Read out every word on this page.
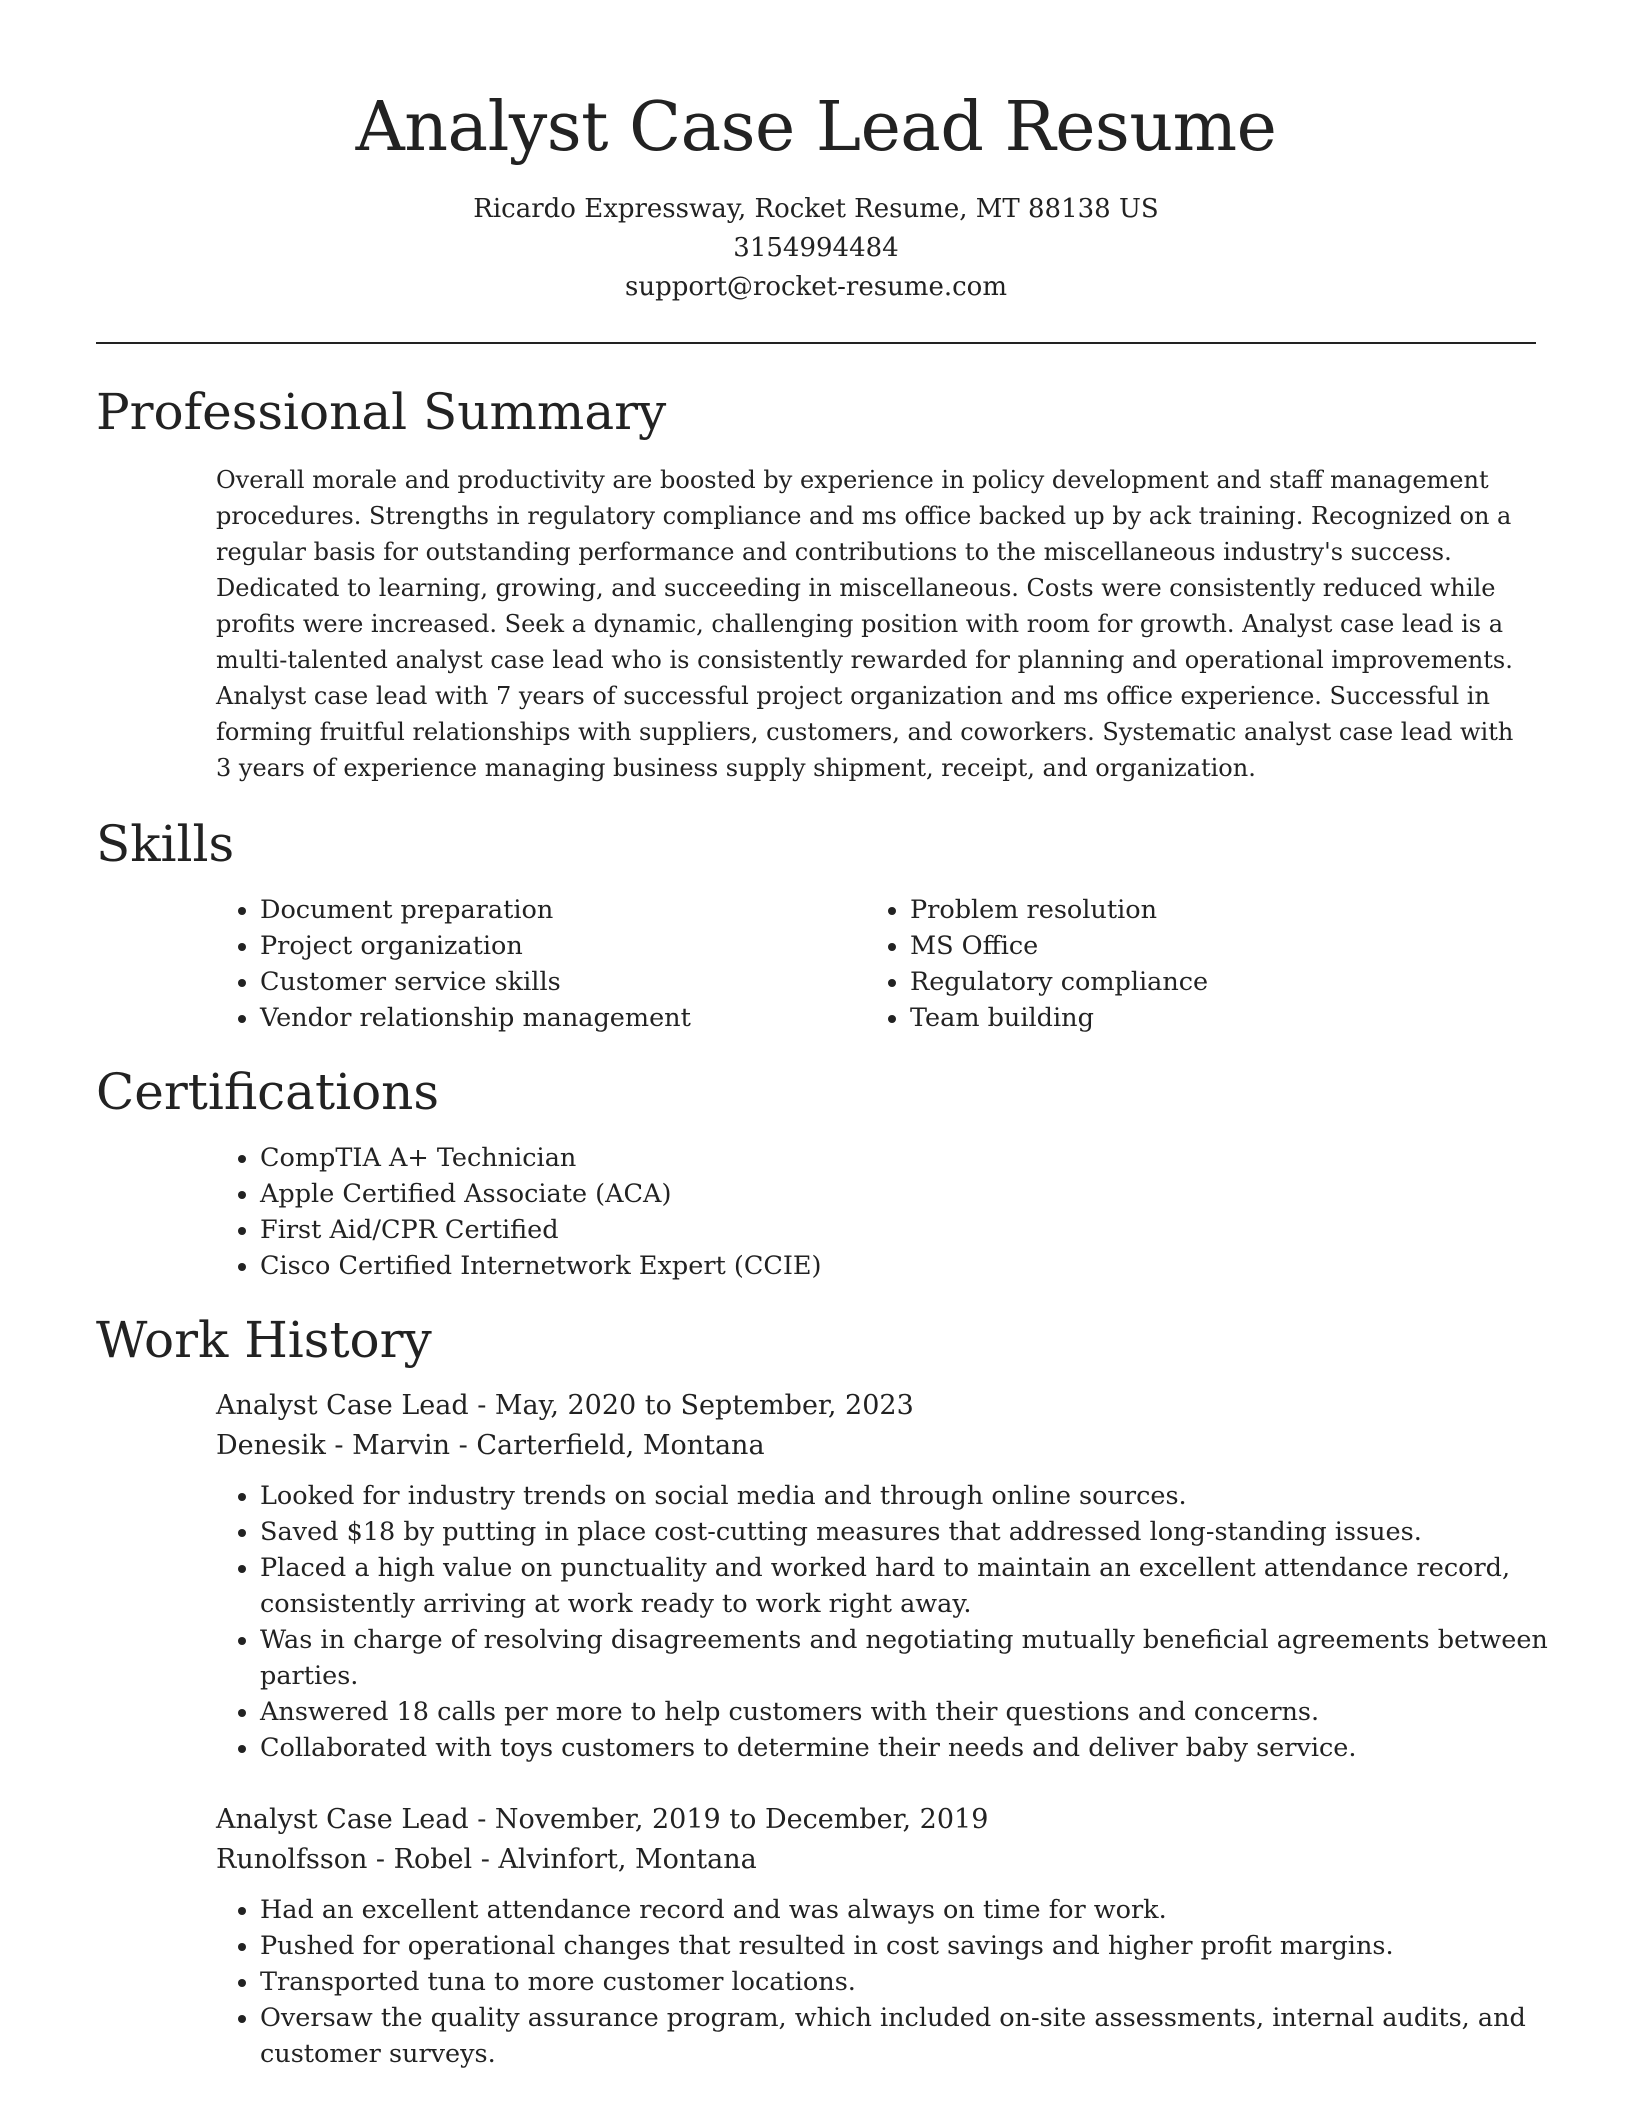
Analyst Case Lead Resume
Ricardo Expressway, Rocket Resume, MT 88138 US
3154994484
support@rocket-resume.com
Professional Summary

Overall morale and productivity are boosted by experience in policy development and staff management procedures. Strengths in regulatory compliance and ms office backed up by ack training. Recognized on a regular basis for outstanding performance and contributions to the miscellaneous industry's success. Dedicated to learning, growing, and succeeding in miscellaneous. Costs were consistently reduced while profits were increased. Seek a dynamic, challenging position with room for growth. Analyst case lead is a multi-talented analyst case lead who is consistently rewarded for planning and operational improvements. Analyst case lead with 7 years of successful project organization and ms office experience. Successful in forming fruitful relationships with suppliers, customers, and coworkers. Systematic analyst case lead with 3 years of experience managing business supply shipment, receipt, and organization.

Skills
• Document preparation
• Project organization
• Customer service skills
• Vendor relationship management
• Problem resolution
• MS Office
• Regulatory compliance
• Team building
Certifications
• CompTIA A+ Technician
• Apple Certified Associate (ACA)
• First Aid/CPR Certified
• Cisco Certified Internetwork Expert (CCIE)
Work History
Analyst Case Lead - May, 2020 to September, 2023
Denesik - Marvin - Carterfield, Montana
• Looked for industry trends on social media and through online sources.
• Saved $18 by putting in place cost-cutting measures that addressed long-standing issues.
• Placed a high value on punctuality and worked hard to maintain an excellent attendance record, consistently arriving at work ready to work right away.
• Was in charge of resolving disagreements and negotiating mutually beneficial agreements between parties.
• Answered 18 calls per more to help customers with their questions and concerns.
• Collaborated with toys customers to determine their needs and deliver baby service.
Analyst Case Lead - November, 2019 to December, 2019
Runolfsson - Robel - Alvinfort, Montana
• Had an excellent attendance record and was always on time for work.
• Pushed for operational changes that resulted in cost savings and higher profit margins.
• Transported tuna to more customer locations.
• Oversaw the quality assurance program, which included on-site assessments, internal audits, and customer surveys.
